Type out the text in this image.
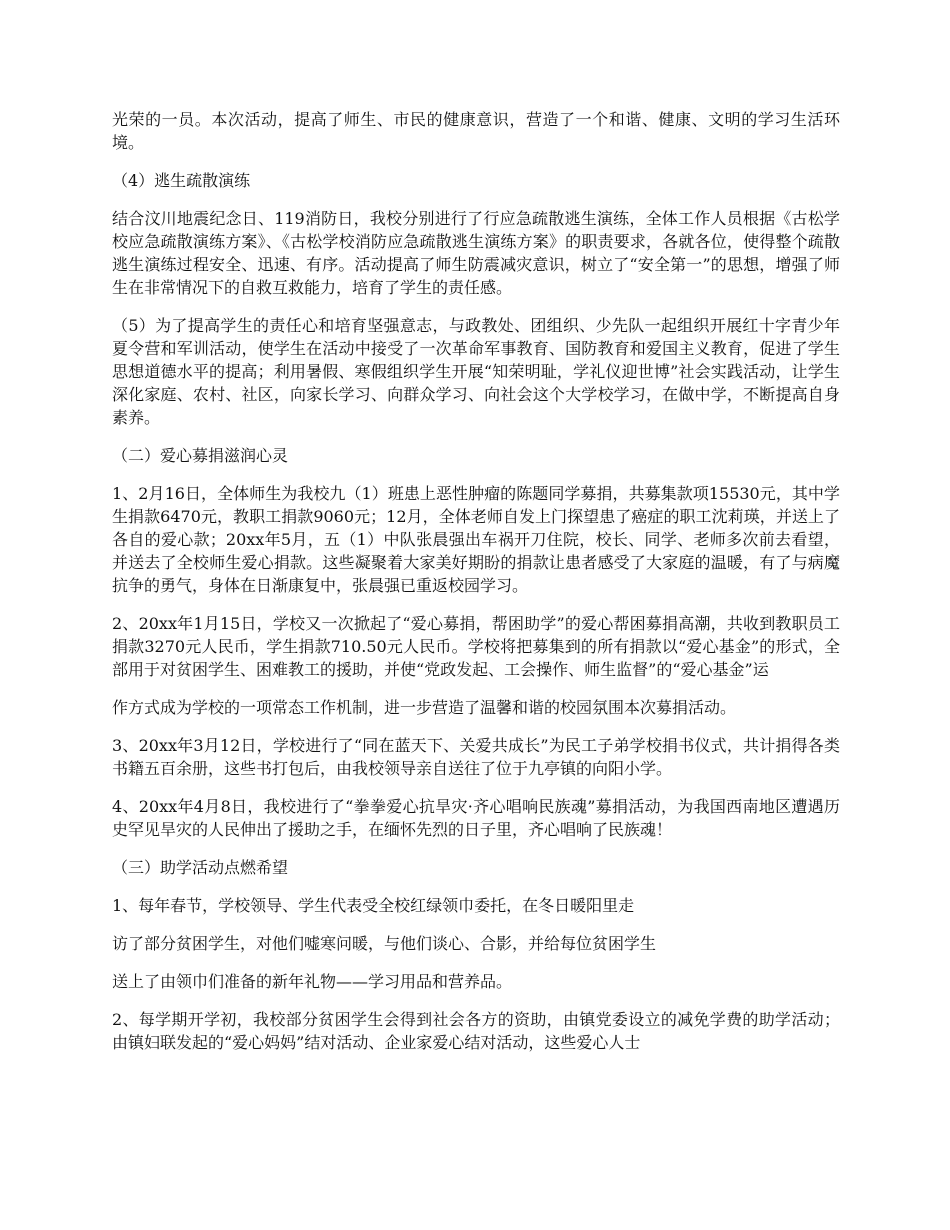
光荣的一员。本次活动，提高了师生、市民的健康意识，营造了一个和谐、健康、文明的学习生活环境。

（4）逃生疏散演练

结合汶川地震纪念日、119消防日，我校分别进行了行应急疏散逃生演练，全体工作人员根据《古松学校应急疏散演练方案》、《古松学校消防应急疏散逃生演练方案》的职责要求，各就各位，使得整个疏散逃生演练过程安全、迅速、有序。活动提高了师生防震减灾意识，树立了“安全第一”的思想，增强了师生在非常情况下的自救互救能力，培育了学生的责任感。

（5）为了提高学生的责任心和培育坚强意志，与政教处、团组织、少先队一起组织开展红十字青少年夏令营和军训活动，使学生在活动中接受了一次革命军事教育、国防教育和爱国主义教育，促进了学生思想道德水平的提高；利用暑假、寒假组织学生开展“知荣明耻，学礼仪迎世博”社会实践活动，让学生深化家庭、农村、社区，向家长学习、向群众学习、向社会这个大学校学习，在做中学，不断提高自身素养。

（二）爱心募捐滋润心灵

1、2月16日，全体师生为我校九（1）班患上恶性肿瘤的陈题同学募捐，共募集款项15530元，其中学生捐款6470元，教职工捐款9060元；12月，全体老师自发上门探望患了癌症的职工沈莉瑛，并送上了各自的爱心款；20xx年5月，五（1）中队张晨强出车祸开刀住院，校长、同学、老师多次前去看望，并送去了全校师生爱心捐款。这些凝聚着大家美好期盼的捐款让患者感受了大家庭的温暖，有了与病魔抗争的勇气，身体在日渐康复中，张晨强已重返校园学习。

2、20xx年1月15日，学校又一次掀起了“爱心募捐，帮困助学”的爱心帮困募捐高潮，共收到教职员工捐款3270元人民币，学生捐款710.50元人民币。学校将把募集到的所有捐款以“爱心基金”的形式，全部用于对贫困学生、困难教工的援助，并使“党政发起、工会操作、师生监督”的“爱心基金”运

作方式成为学校的一项常态工作机制，进一步营造了温馨和谐的校园氛围本次募捐活动。

3、20xx年3月12日，学校进行了“同在蓝天下、关爱共成长”为民工子弟学校捐书仪式，共计捐得各类书籍五百余册，这些书打包后，由我校领导亲自送往了位于九亭镇的向阳小学。

4、20xx年4月8日，我校进行了“拳拳爱心抗旱灾·齐心唱响民族魂”募捐活动，为我国西南地区遭遇历史罕见旱灾的人民伸出了援助之手，在缅怀先烈的日子里，齐心唱响了民族魂！

（三）助学活动点燃希望

1、每年春节，学校领导、学生代表受全校红绿领巾委托，在冬日暖阳里走

访了部分贫困学生，对他们嘘寒问暖，与他们谈心、合影，并给每位贫困学生

送上了由领巾们准备的新年礼物——学习用品和营养品。

2、每学期开学初，我校部分贫困学生会得到社会各方的资助，由镇党委设立的减免学费的助学活动；由镇妇联发起的“爱心妈妈”结对活动、企业家爱心结对活动，这些爱心人士
